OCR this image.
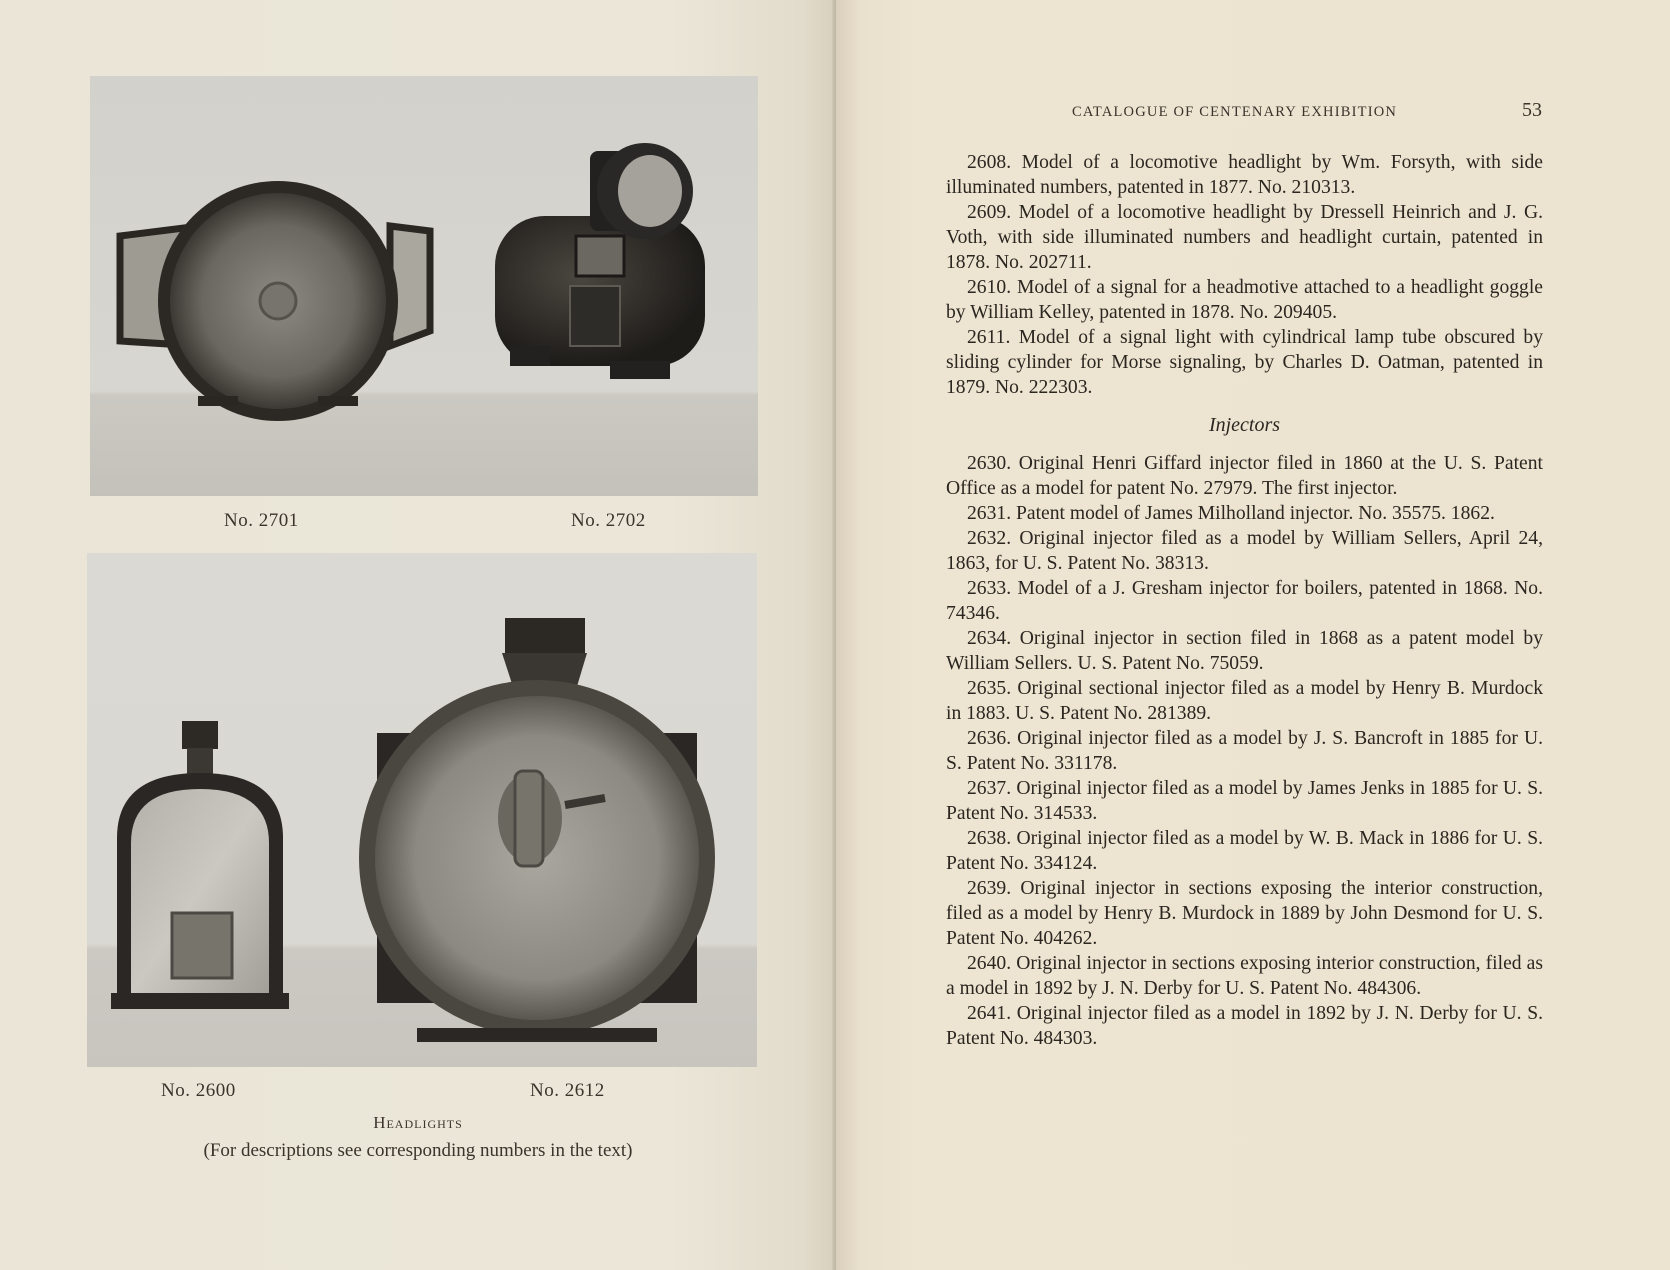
No. 2701	No. 2702
No. 2600	No. 2612
Headlights
(For descriptions see corresponding numbers in the text)
CATALOGUE OF CENTENARY EXHIBITION	53

2608. Model of a locomotive headlight by Wm. Forsyth, with side illuminated numbers, patented in 1877. No. 210313.

2609. Model of a locomotive headlight by Dressell Heinrich and J. G. Voth, with side illuminated numbers and headlight curtain, patented in 1878. No. 202711.

2610. Model of a signal for a headmotive attached to a headlight goggle by William Kelley, patented in 1878. No. 209405.

2611. Model of a signal light with cylindrical lamp tube obscured by sliding cylinder for Morse signaling, by Charles D. Oatman, patented in 1879. No. 222303.

Injectors

2630. Original Henri Giffard injector filed in 1860 at the U. S. Patent Office as a model for patent No. 27979. The first injector.

2631. Patent model of James Milholland injector. No. 35575. 1862.

2632. Original injector filed as a model by William Sellers, April 24, 1863, for U. S. Patent No. 38313.

2633. Model of a J. Gresham injector for boilers, patented in 1868. No. 74346.

2634. Original injector in section filed in 1868 as a patent model by William Sellers. U. S. Patent No. 75059.

2635. Original sectional injector filed as a model by Henry B. Murdock in 1883. U. S. Patent No. 281389.

2636. Original injector filed as a model by J. S. Bancroft in 1885 for U. S. Patent No. 331178.

2637. Original injector filed as a model by James Jenks in 1885 for U. S. Patent No. 314533.

2638. Original injector filed as a model by W. B. Mack in 1886 for U. S. Patent No. 334124.

2639. Original injector in sections exposing the interior construction, filed as a model by Henry B. Murdock in 1889 by John Desmond for U. S. Patent No. 404262.

2640. Original injector in sections exposing interior construction, filed as a model in 1892 by J. N. Derby for U. S. Patent No. 484306.

2641. Original injector filed as a model in 1892 by J. N. Derby for U. S. Patent No. 484303.
